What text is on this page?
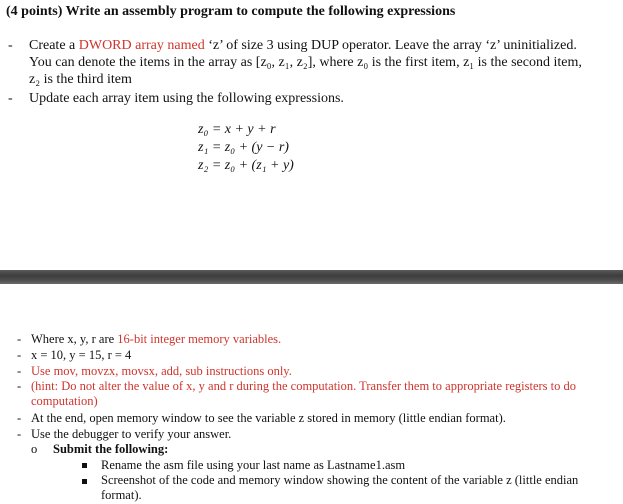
(4 points) Write an assembly program to compute the following expressions
- Create a DWORD array named ‘z’ of size 3 using DUP operator. Leave the array ‘z’ uninitialized.
You can denote the items in the array as [z₀, z₁, z₂], where z₀ is the first item, z₁ is the second item,
z₂ is the third item
- Update each array item using the following expressions.
z₀ = x + y + r
z₁ = z₀ + (y − r)
z₂ = z₀ + (z₁ + y)
- Where x, y, r are 16-bit integer memory variables.
- x = 10, y = 15, r = 4
- Use mov, movzx, movsx, add, sub instructions only.
- (hint: Do not alter the value of x, y and r during the computation. Transfer them to appropriate registers to do
computation)
- At the end, open memory window to see the variable z stored in memory (little endian format).
- Use the debugger to verify your answer.
o Submit the following:
Rename the asm file using your last name as Lastname1.asm
Screenshot of the code and memory window showing the content of the variable z (little endian
format).
